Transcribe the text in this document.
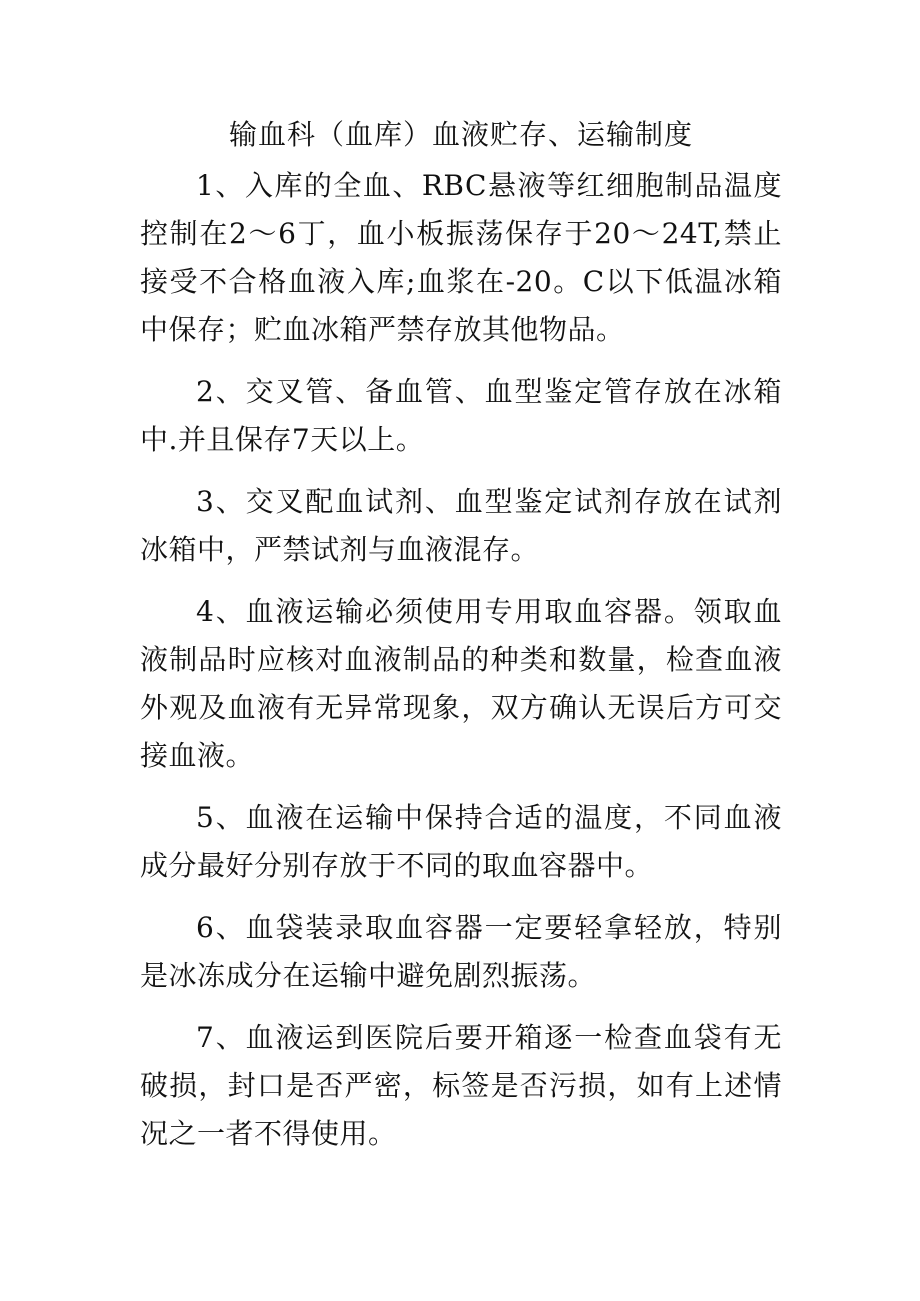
输血科（血库）血液贮存、运输制度

1、入库的全血、RBC悬液等红细胞制品温度控制在2～6丁，血小板振荡保存于20～24T,禁止接受不合格血液入库;血浆在-20。C以下低温冰箱中保存；贮血冰箱严禁存放其他物品。

2、交叉管、备血管、血型鉴定管存放在冰箱中.并且保存7天以上。

3、交叉配血试剂、血型鉴定试剂存放在试剂冰箱中，严禁试剂与血液混存。

4、血液运输必须使用专用取血容器。领取血液制品时应核对血液制品的种类和数量，检查血液外观及血液有无异常现象，双方确认无误后方可交接血液。

5、血液在运输中保持合适的温度，不同血液成分最好分别存放于不同的取血容器中。

6、血袋装录取血容器一定要轻拿轻放，特别是冰冻成分在运输中避免剧烈振荡。

7、血液运到医院后要开箱逐一检查血袋有无破损，封口是否严密，标签是否污损，如有上述情况之一者不得使用。
